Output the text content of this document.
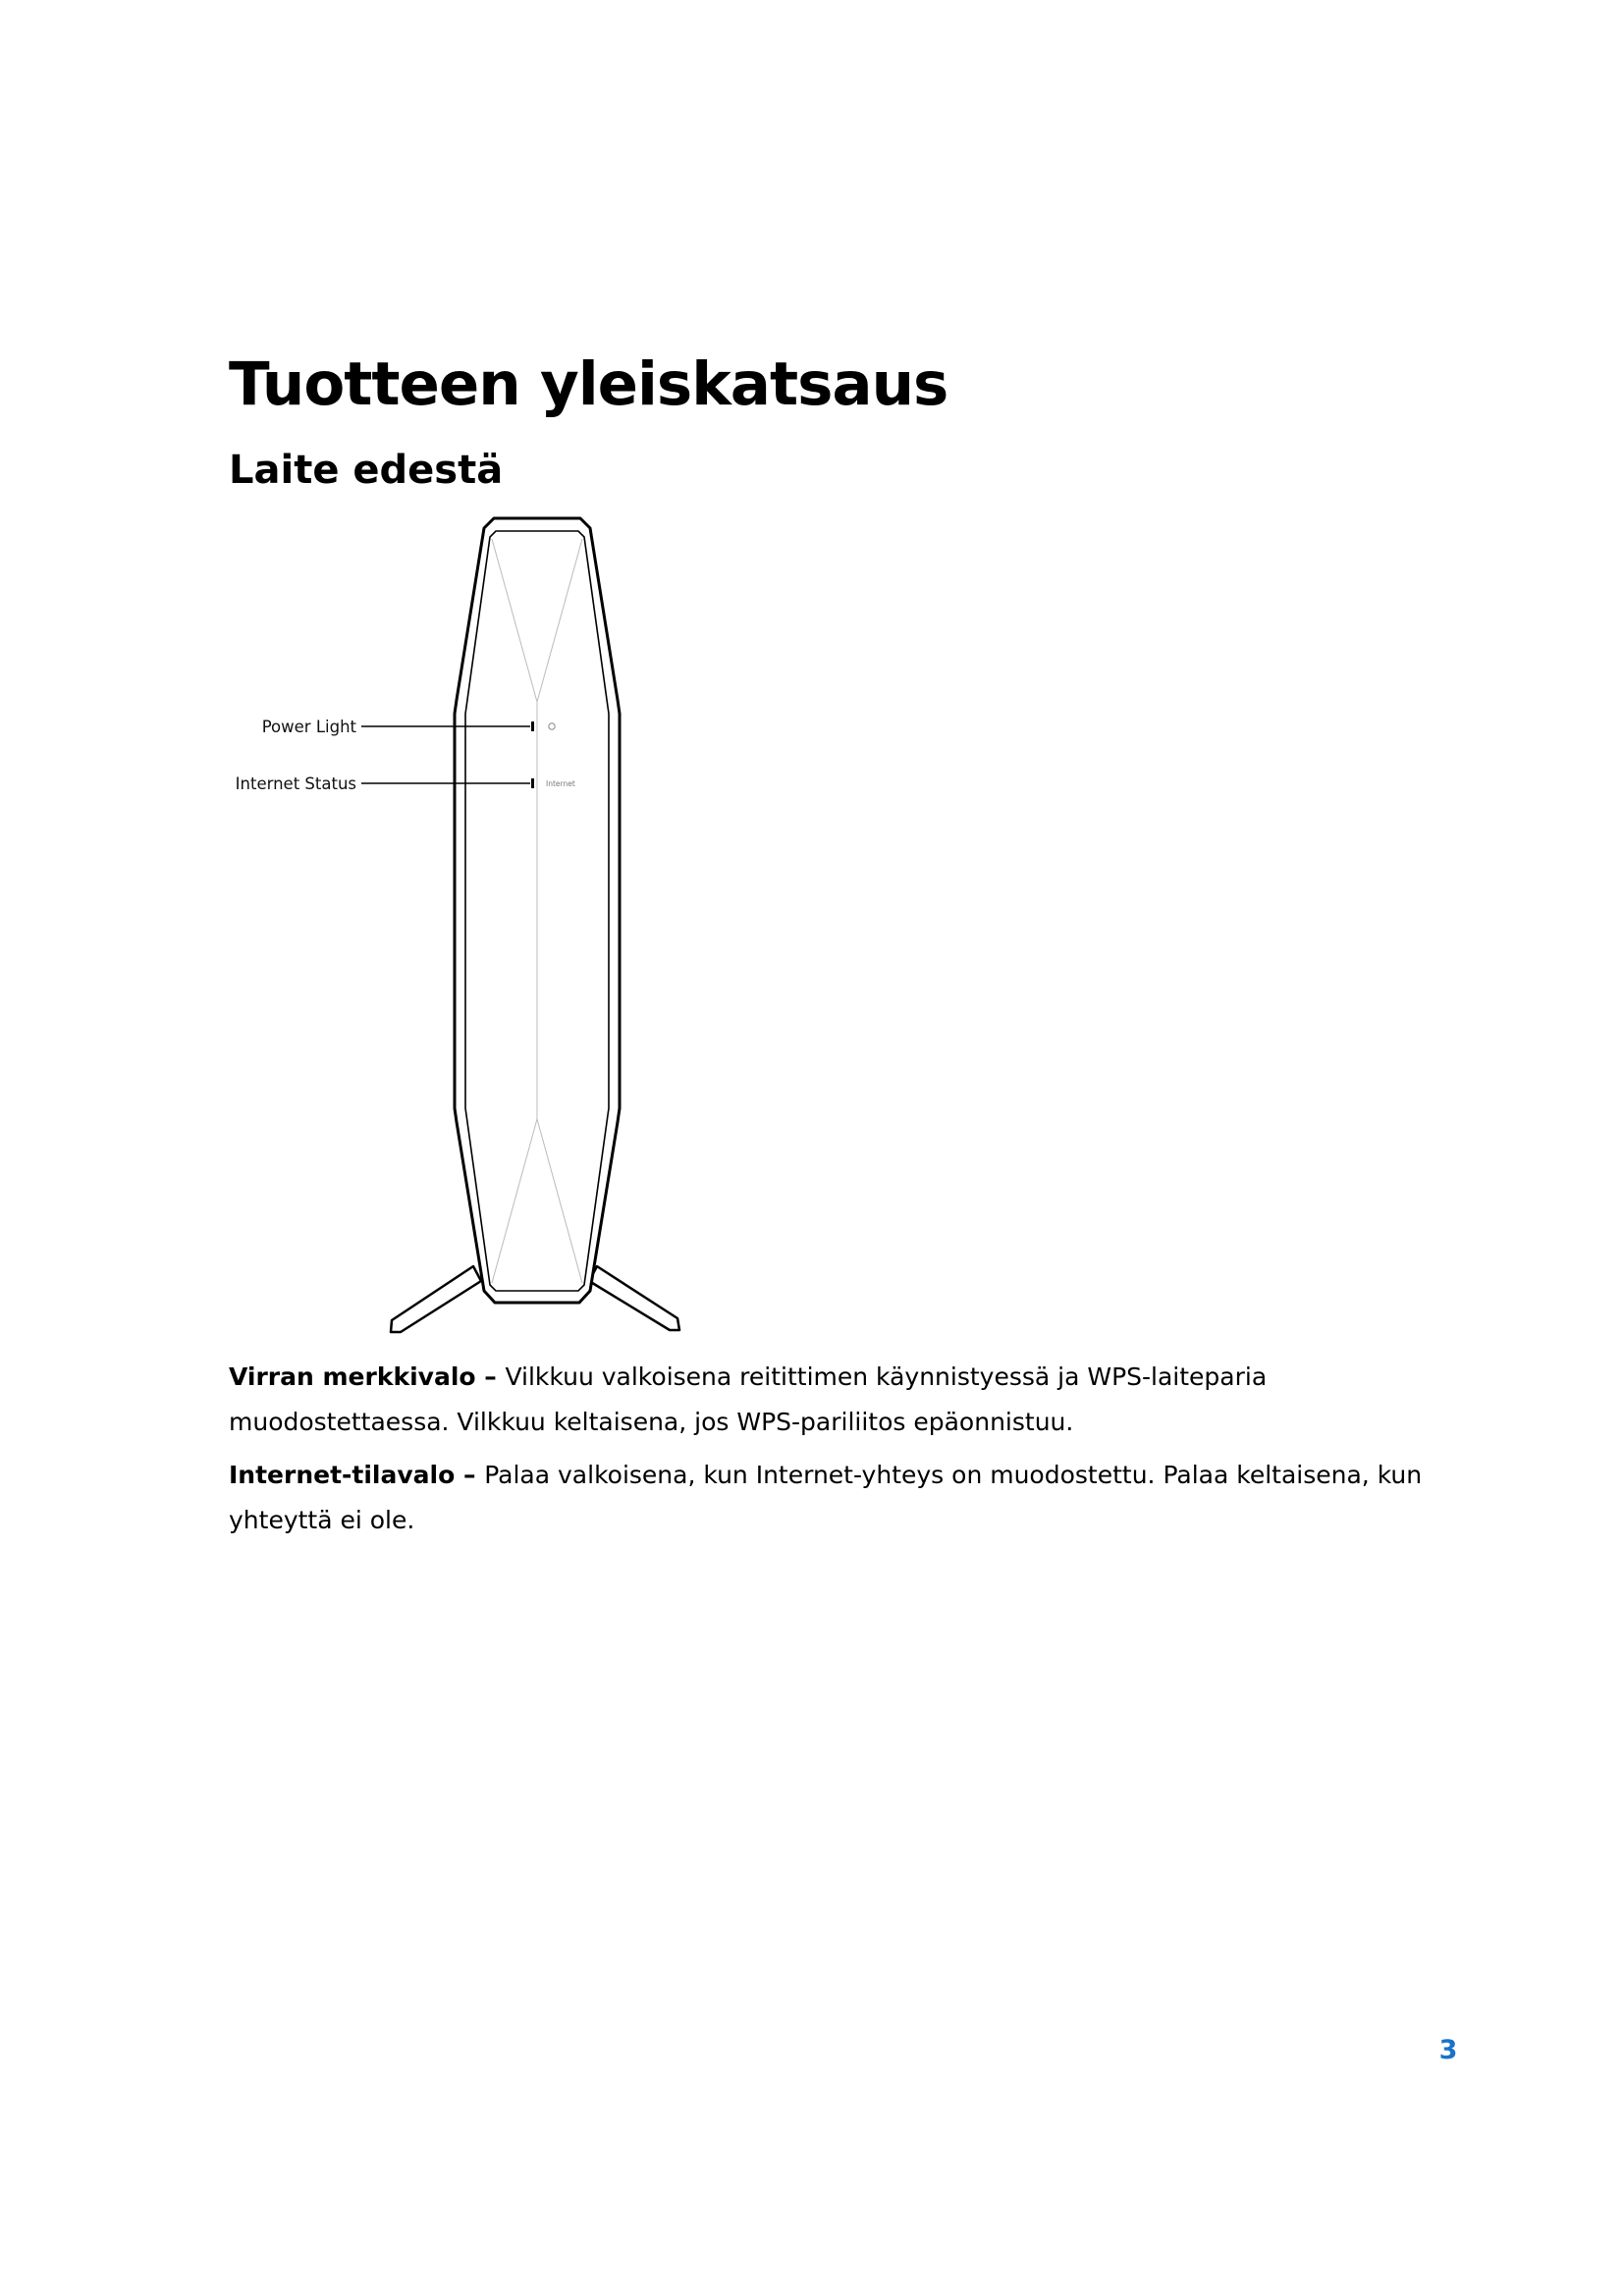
Tuotteen yleiskatsaus
Laite edestä
Internet
Power Light
Internet Status

Virran merkkivalo – Vilkkuu valkoisena reitittimen käynnistyessä ja WPS-laiteparia muodostettaessa. Vilkkuu keltaisena, jos WPS-pariliitos epäonnistuu.

Internet-tilavalo – Palaa valkoisena, kun Internet-yhteys on muodostettu. Palaa keltaisena, kun yhteyttä ei ole.

3
